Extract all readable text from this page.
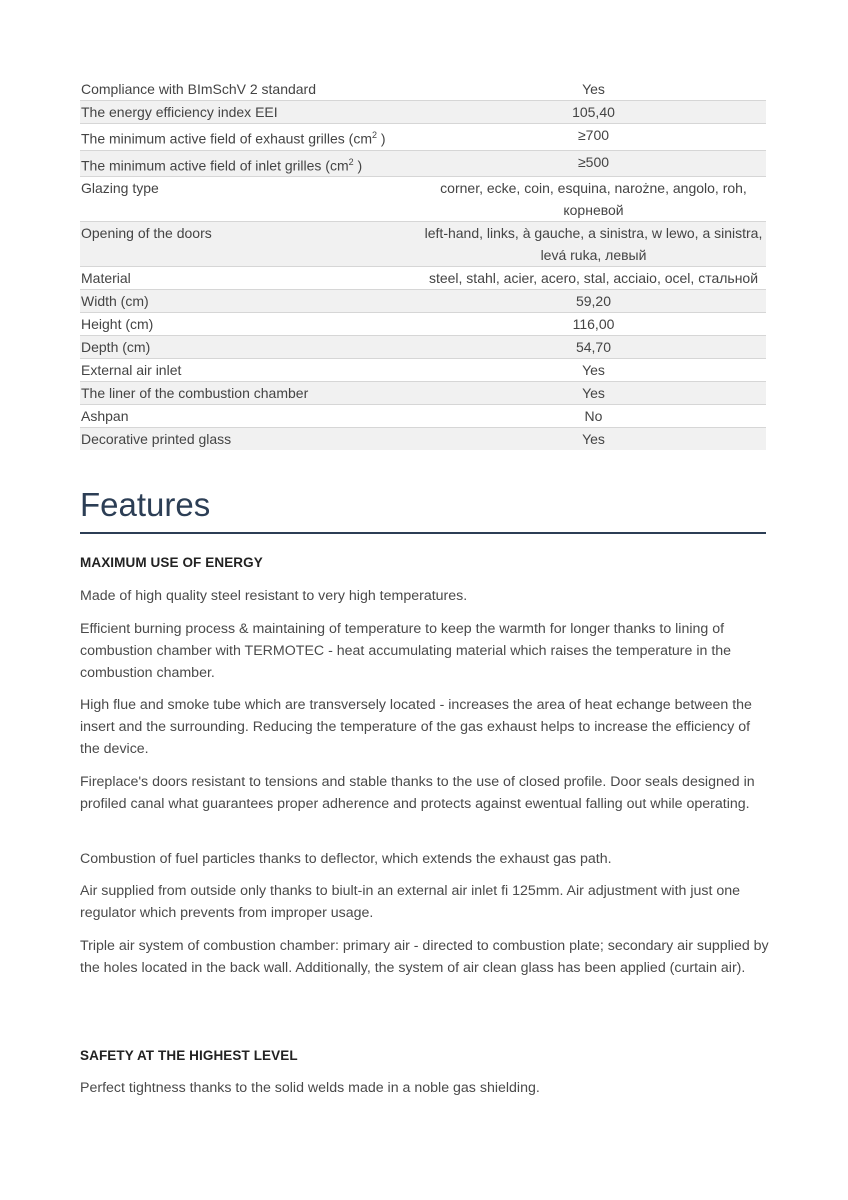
Compliance with BImSchV 2 standard	Yes
The energy efficiency index EEI	105,40
The minimum active field of exhaust grilles ($cm^2$ )	≥700
The minimum active field of inlet grilles ($cm^2$ )	≥500
Glazing type	corner, ecke, coin, esquina, narożne, angolo, roh, корневой
Opening of the doors	left-hand, links, à gauche, a sinistra, w lewo, a sinistra, levá ruka, левый
Material	steel, stahl, acier, acero, stal, acciaio, ocel, стальной
Width (cm)	59,20
Height (cm)	116,00
Depth (cm)	54,70
External air inlet	Yes
The liner of the combustion chamber	Yes
Ashpan	No
Decorative printed glass	Yes
Features
MAXIMUM USE OF ENERGY

Made of high quality steel resistant to very high temperatures.

Efficient burning process & maintaining of temperature to keep the warmth for longer thanks to lining of combustion chamber with TERMOTEC - heat accumulating material which raises the temperature in the combustion chamber.

High flue and smoke tube which are transversely located - increases the area of heat echange between the insert and the surrounding. Reducing the temperature of the gas exhaust helps to increase the efficiency of the device.

Fireplace's doors resistant to tensions and stable thanks to the use of closed profile. Door seals designed in profiled canal what guarantees proper adherence and protects against ewentual falling out while operating.

Combustion of fuel particles thanks to deflector, which extends the exhaust gas path.

Air supplied from outside only thanks to biult-in an external air inlet fi 125mm. Air adjustment with just one regulator which prevents from improper usage.

Triple air system of combustion chamber: primary air - directed to combustion plate; secondary air supplied by the holes located in the back wall. Additionally, the system of air clean glass has been applied (curtain air).

SAFETY AT THE HIGHEST LEVEL

Perfect tightness thanks to the solid welds made in a noble gas shielding.
